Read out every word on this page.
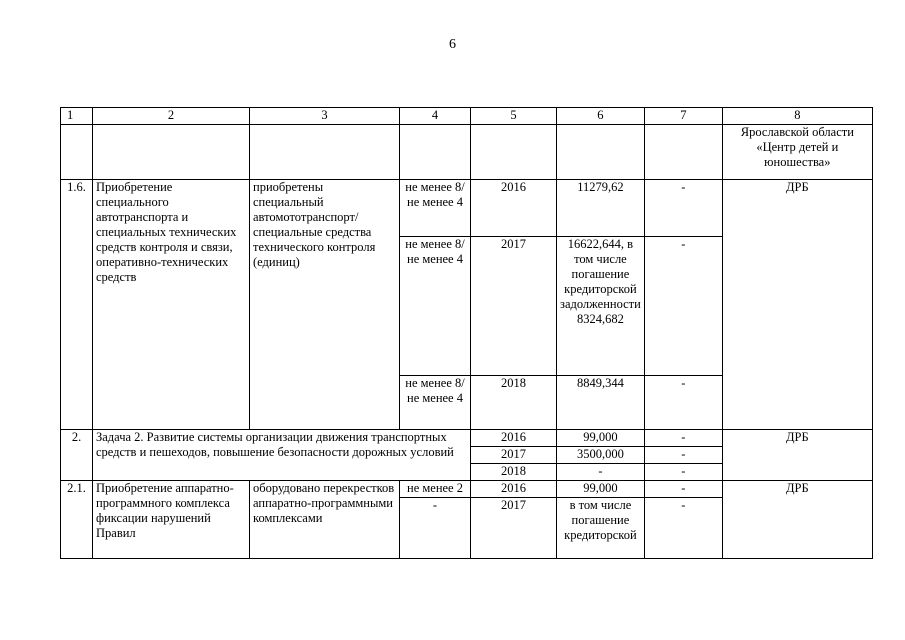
6
1	2	3	4	5	6	7	8
							Ярославской области «Центр детей и юношества»
1.6.	Приобретение специального автотранспорта и специальных технических средств контроля и связи, оперативно-технических средств	приобретены специальный автомототранспорт/ специальные средства технического контроля (единиц)	не менее 8/ не менее 4	2016	11279,62	-	ДРБ
			не менее 8/ не менее 4	2017	16622,644, в том числе погашение кредиторской задолженности 8324,682	-	
			не менее 8/ не менее 4	2018	8849,344	-	
2.	Задача 2. Развитие системы организации движения транспортных средств и пешеходов, повышение безопасности дорожных условий			2016	99,000	-	ДРБ
				2017	3500,000	-	
				2018	-	-	
2.1.	Приобретение аппаратно-программного комплекса фиксации нарушений Правил	оборудовано перекрестков аппаратно-программными комплексами	не менее 2	2016	99,000	-	ДРБ
			-	2017	в том числе погашение кредиторской	-	
